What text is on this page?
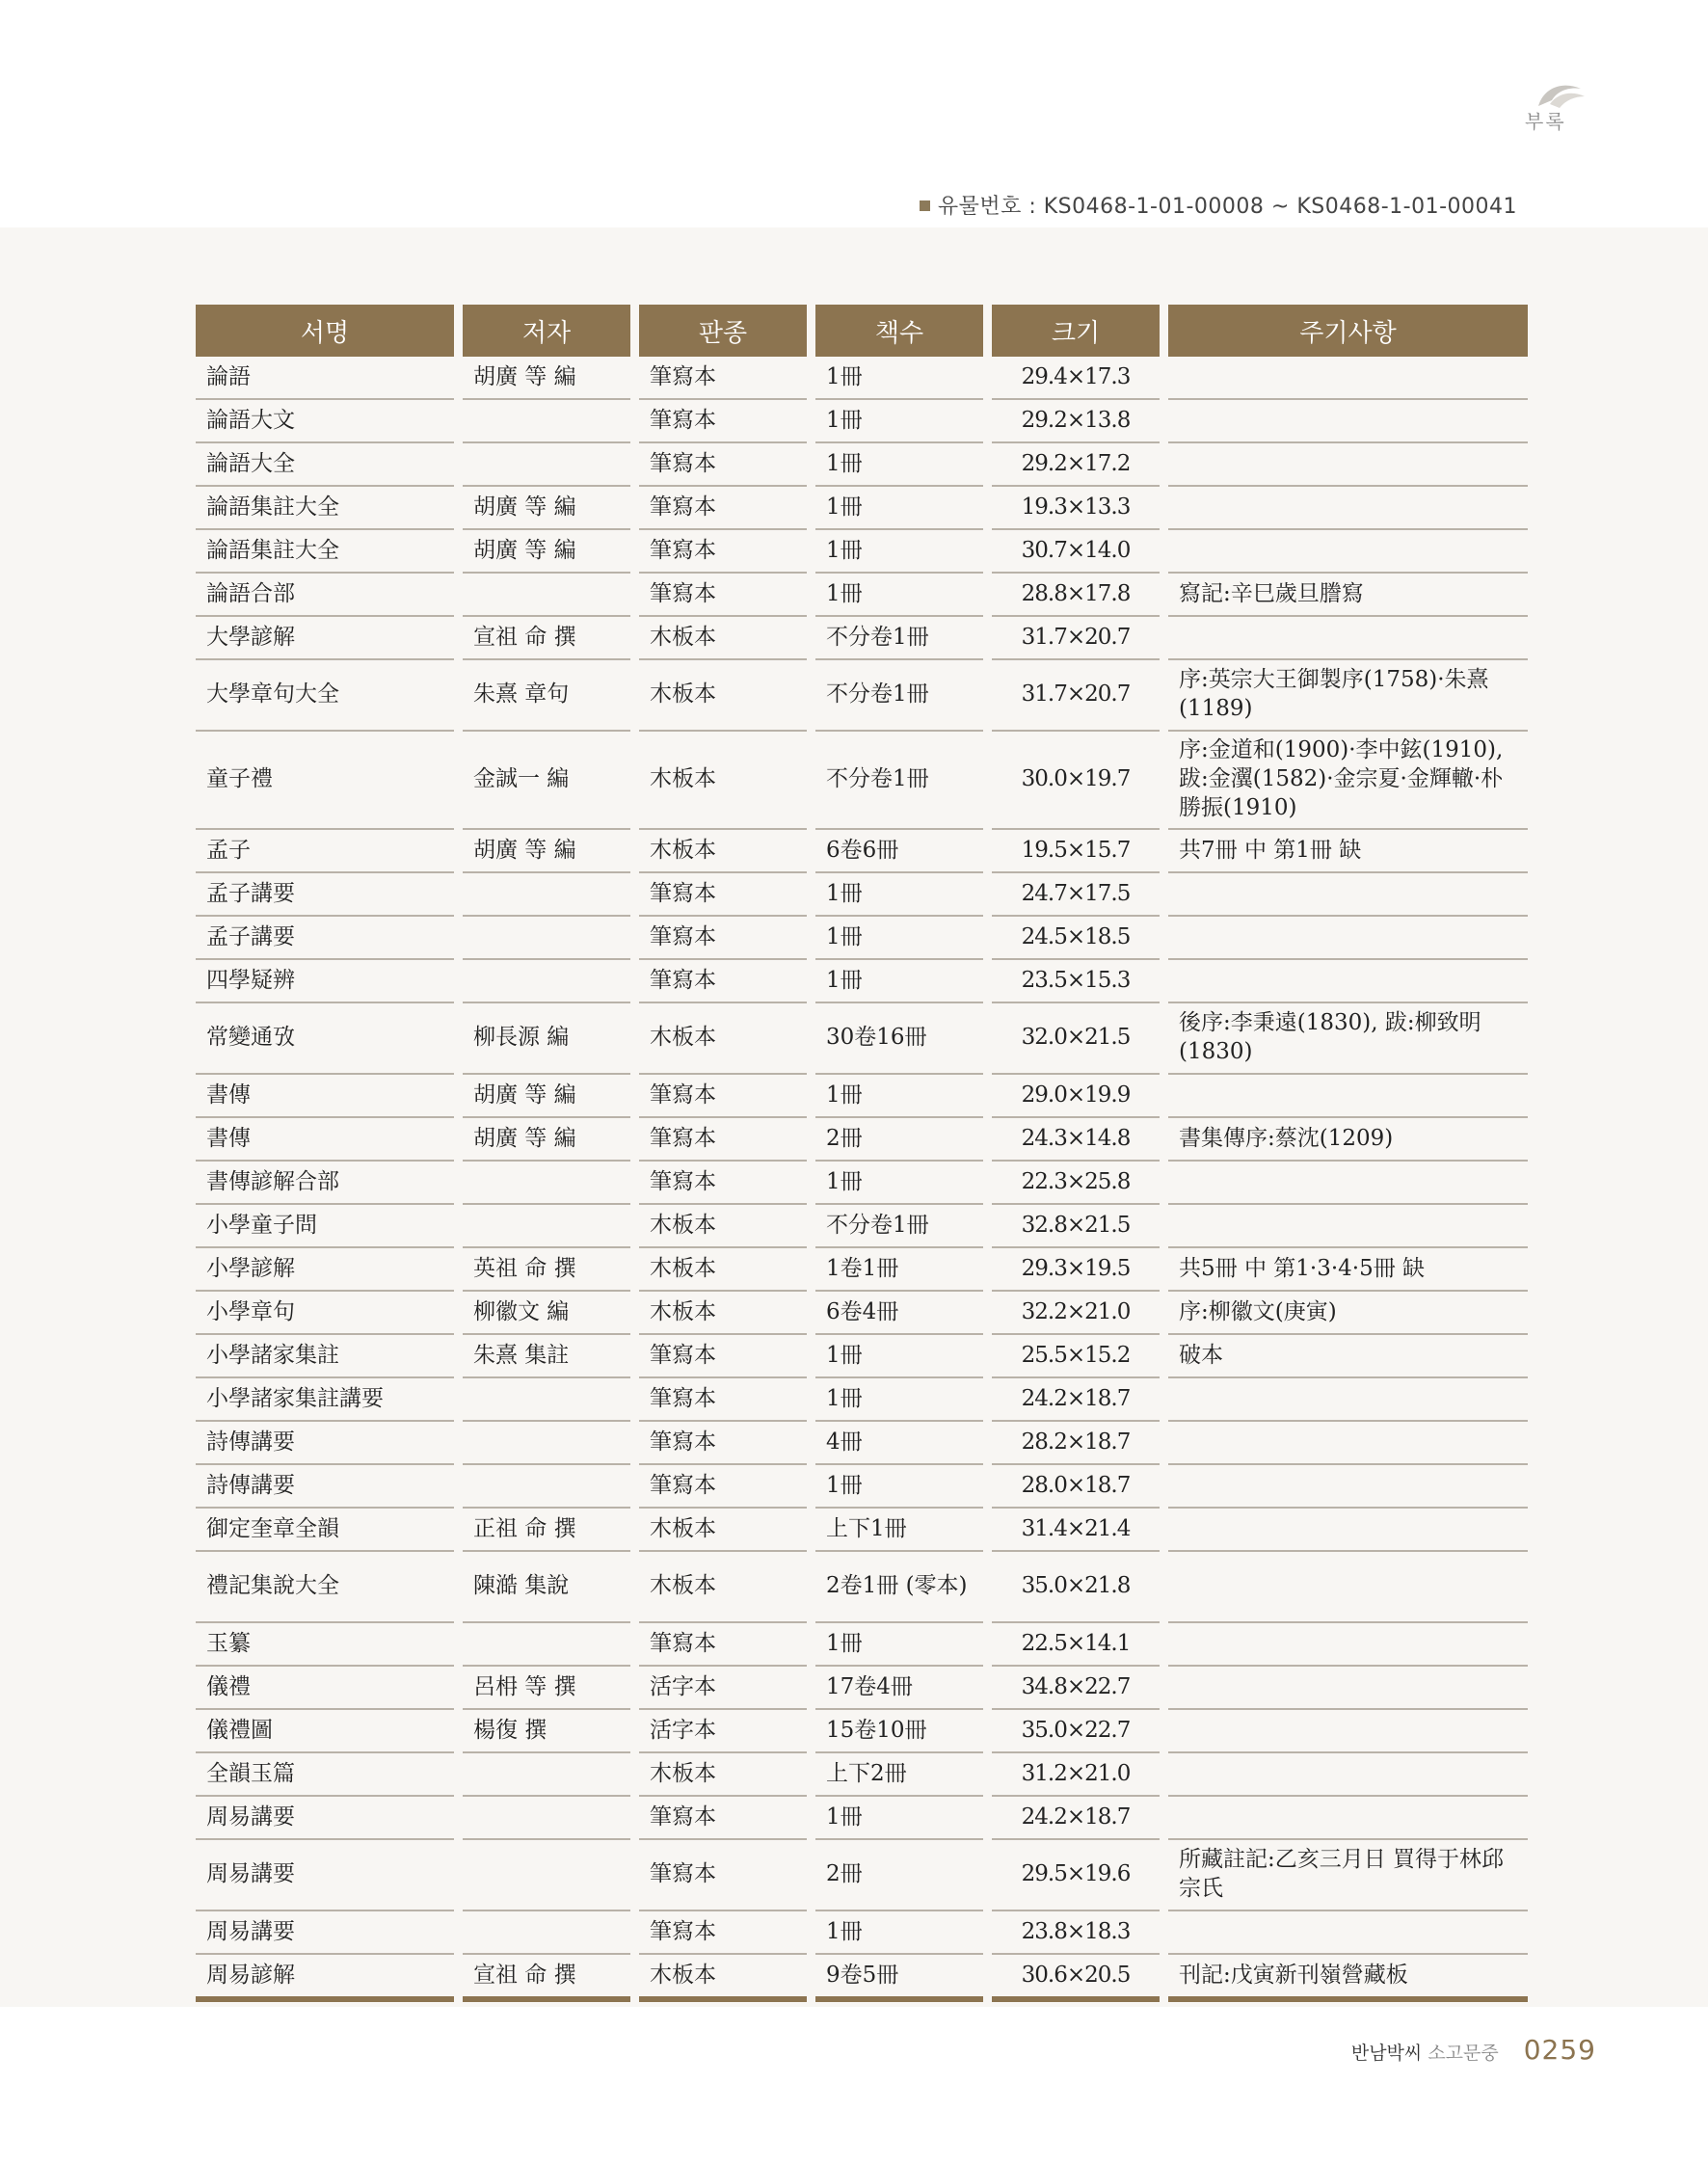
부록
유물번호 : KS0468-1-01-00008 ~ KS0468-1-01-00041
서명	저자	판종	책수	크기	주기사항
論語	胡廣 等 編	筆寫本	1冊	29.4×17.3	
論語大文		筆寫本	1冊	29.2×13.8	
論語大全		筆寫本	1冊	29.2×17.2	
論語集註大全	胡廣 等 編	筆寫本	1冊	19.3×13.3	
論語集註大全	胡廣 等 編	筆寫本	1冊	30.7×14.0	
論語合部		筆寫本	1冊	28.8×17.8	寫記:辛巳歲旦謄寫
大學諺解	宣祖 命 撰	木板本	不分卷1冊	31.7×20.7	
大學章句大全	朱熹 章句	木板本	不分卷1冊	31.7×20.7	序:英宗大王御製序(1758)·朱熹(1189)
童子禮	金誠一 編	木板本	不分卷1冊	30.0×19.7	序:金道和(1900)·李中鉉(1910), 跋:金瀷(1582)·金宗夏·金輝轍·朴勝振(1910)
孟子	胡廣 等 編	木板本	6卷6冊	19.5×15.7	共7冊 中 第1冊 缺
孟子講要		筆寫本	1冊	24.7×17.5	
孟子講要		筆寫本	1冊	24.5×18.5	
四學疑辨		筆寫本	1冊	23.5×15.3	
常變通攷	柳長源 編	木板本	30卷16冊	32.0×21.5	後序:李秉遠(1830), 跋:柳致明(1830)
書傳	胡廣 等 編	筆寫本	1冊	29.0×19.9	
書傳	胡廣 等 編	筆寫本	2冊	24.3×14.8	書集傳序:蔡沈(1209)
書傳諺解合部		筆寫本	1冊	22.3×25.8	
小學童子問		木板本	不分卷1冊	32.8×21.5	
小學諺解	英祖 命 撰	木板本	1卷1冊	29.3×19.5	共5冊 中 第1·3·4·5冊 缺
小學章句	柳徽文 編	木板本	6卷4冊	32.2×21.0	序:柳徽文(庚寅)
小學諸家集註	朱熹 集註	筆寫本	1冊	25.5×15.2	破本
小學諸家集註講要		筆寫本	1冊	24.2×18.7	
詩傳講要		筆寫本	4冊	28.2×18.7	
詩傳講要		筆寫本	1冊	28.0×18.7	
御定奎章全韻	正祖 命 撰	木板本	上下1冊	31.4×21.4	
禮記集說大全	陳澔 集說	木板本	2卷1冊 (零本)	35.0×21.8	
玉纂		筆寫本	1冊	22.5×14.1	
儀禮	呂枏 等 撰	活字本	17卷4冊	34.8×22.7	
儀禮圖	楊復 撰	活字本	15卷10冊	35.0×22.7	
全韻玉篇		木板本	上下2冊	31.2×21.0	
周易講要		筆寫本	1冊	24.2×18.7	
周易講要		筆寫本	2冊	29.5×19.6	所藏註記:乙亥三月日 買得于林邱宗氏
周易講要		筆寫本	1冊	23.8×18.3	
周易諺解	宣祖 命 撰	木板本	9卷5冊	30.6×20.5	刊記:戊寅新刊嶺營藏板
반남박씨 소고문중 0259
